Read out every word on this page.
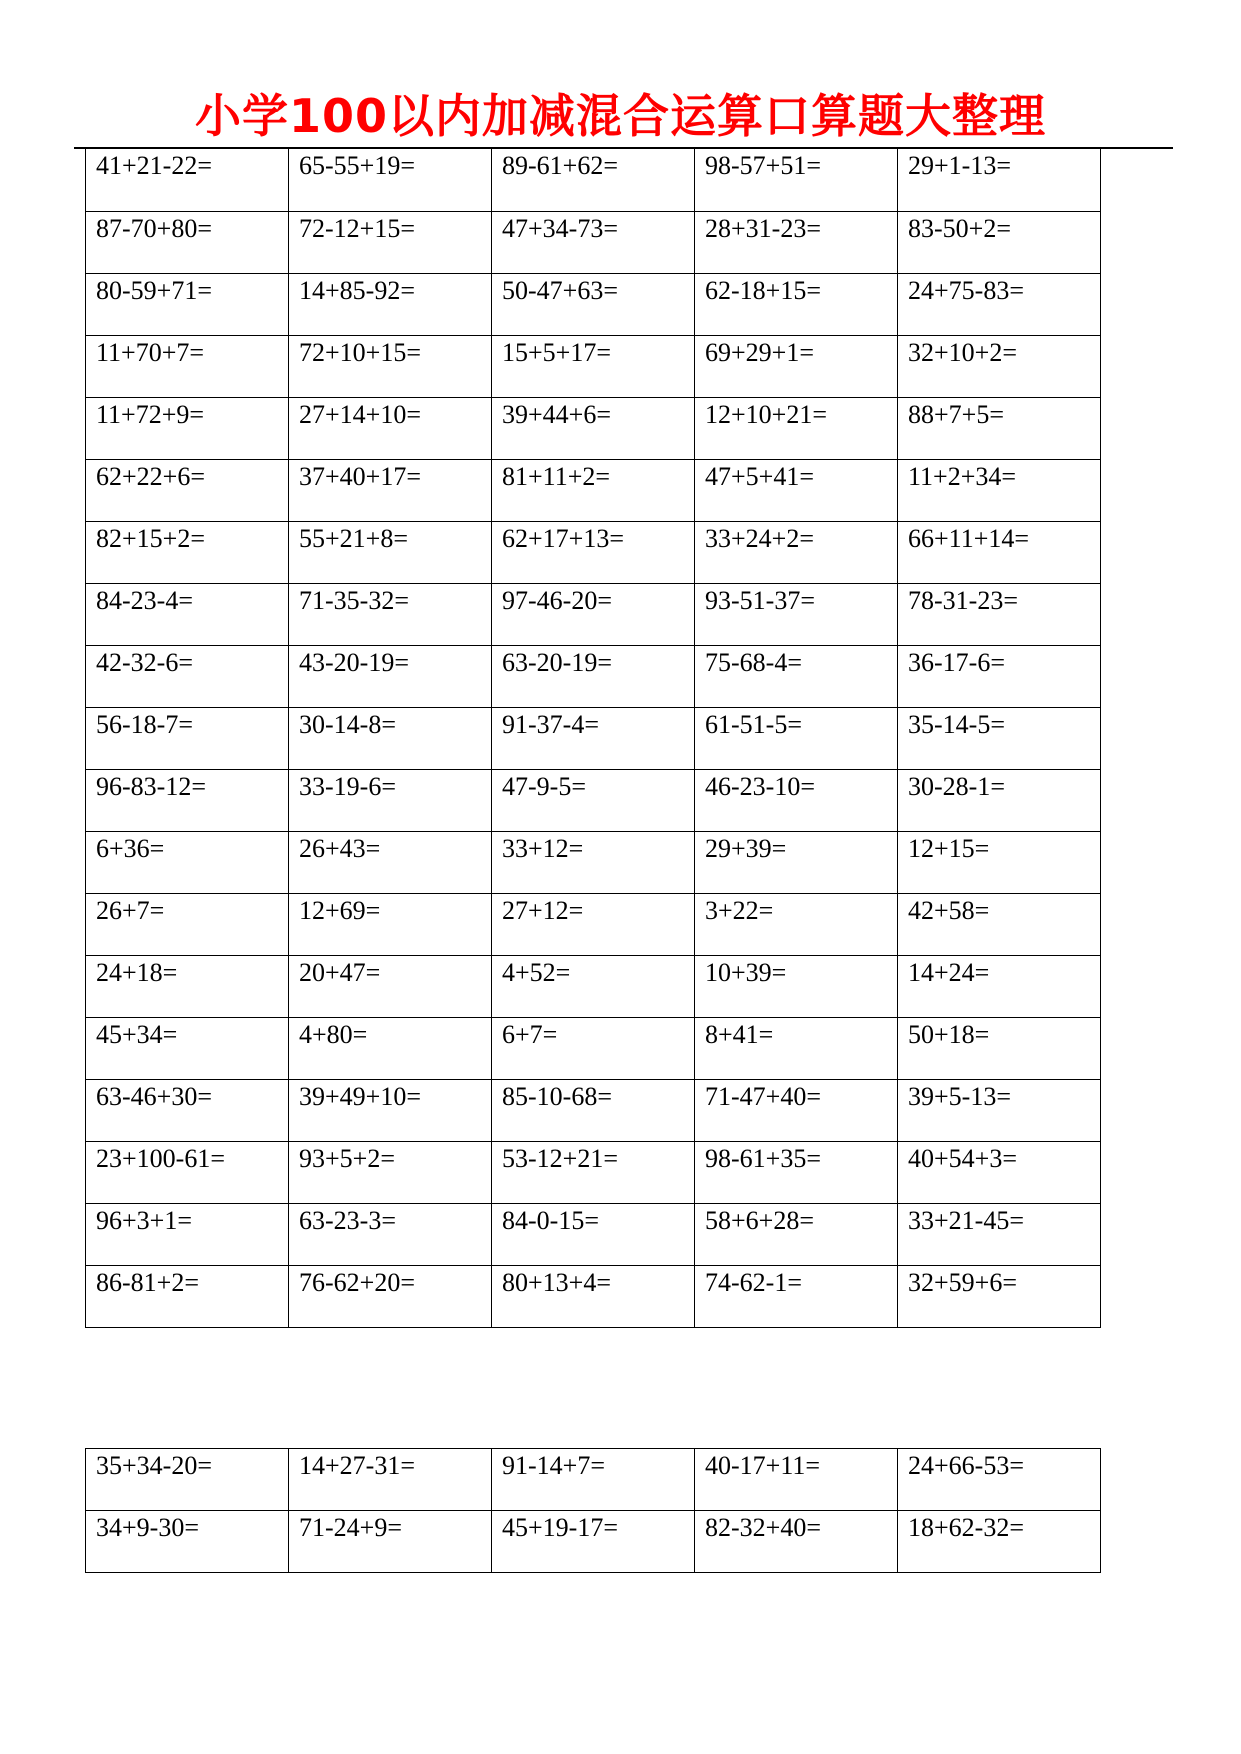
小学100以内加减混合运算口算题大整理
41+21-22=	65-55+19=	89-61+62=	98-57+51=	29+1-13=

87-70+80=	72-12+15=	47+34-73=	28+31-23=	83-50+2=

80-59+71=	14+85-92=	50-47+63=	62-18+15=	24+75-83=

11+70+7=	72+10+15=	15+5+17=	69+29+1=	32+10+2=

11+72+9=	27+14+10=	39+44+6=	12+10+21=	88+7+5=

62+22+6=	37+40+17=	81+11+2=	47+5+41=	11+2+34=

82+15+2=	55+21+8=	62+17+13=	33+24+2=	66+11+14=

84-23-4=	71-35-32=	97-46-20=	93-51-37=	78-31-23=

42-32-6=	43-20-19=	63-20-19=	75-68-4=	36-17-6=

56-18-7=	30-14-8=	91-37-4=	61-51-5=	35-14-5=

96-83-12=	33-19-6=	47-9-5=	46-23-10=	30-28-1=

6+36=	26+43=	33+12=	29+39=	12+15=

26+7=	12+69=	27+12=	3+22=	42+58=

24+18=	20+47=	4+52=	10+39=	14+24=

45+34=	4+80=	6+7=	8+41=	50+18=

63-46+30=	39+49+10=	85-10-68=	71-47+40=	39+5-13=

23+100-61=	93+5+2=	53-12+21=	98-61+35=	40+54+3=

96+3+1=	63-23-3=	84-0-15=	58+6+28=	33+21-45=

86-81+2=	76-62+20=	80+13+4=	74-62-1=	32+59+6=
35+34-20=	14+27-31=	91-14+7=	40-17+11=	24+66-53=

34+9-30=	71-24+9=	45+19-17=	82-32+40=	18+62-32=
